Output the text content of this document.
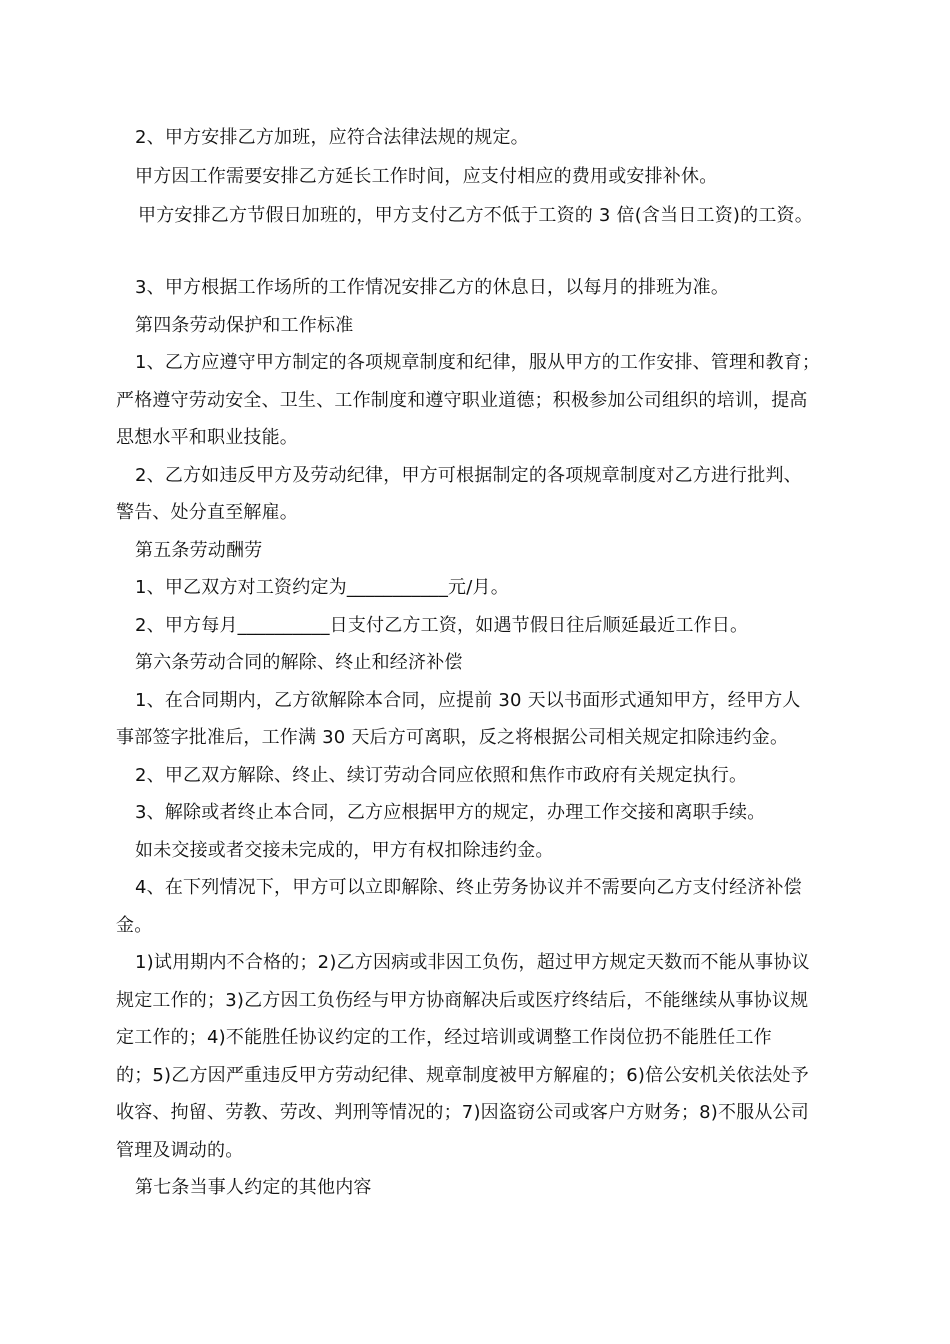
2、甲方安排乙方加班，应符合法律法规的规定。

甲方因工作需要安排乙方延长工作时间，应支付相应的费用或安排补休。

甲方安排乙方节假日加班的，甲方支付乙方不低于工资的 3 倍(含当日工资)的工资。

3、甲方根据工作场所的工作情况安排乙方的休息日，以每月的排班为准。

第四条劳动保护和工作标准

1、乙方应遵守甲方制定的各项规章制度和纪律，服从甲方的工作安排、管理和教育；

严格遵守劳动安全、卫生、工作制度和遵守职业道德；积极参加公司组织的培训，提高

思想水平和职业技能。

2、乙方如违反甲方及劳动纪律，甲方可根据制定的各项规章制度对乙方进行批判、

警告、处分直至解雇。

第五条劳动酬劳

1、甲乙双方对工资约定为___________元/月。

2、甲方每月__________日支付乙方工资，如遇节假日往后顺延最近工作日。

第六条劳动合同的解除、终止和经济补偿

1、在合同期内，乙方欲解除本合同，应提前 30 天以书面形式通知甲方，经甲方人

事部签字批准后，工作满 30 天后方可离职，反之将根据公司相关规定扣除违约金。

2、甲乙双方解除、终止、续订劳动合同应依照和焦作市政府有关规定执行。

3、解除或者终止本合同，乙方应根据甲方的规定，办理工作交接和离职手续。

如未交接或者交接未完成的，甲方有权扣除违约金。

4、在下列情况下，甲方可以立即解除、终止劳务协议并不需要向乙方支付经济补偿

金。

1)试用期内不合格的；2)乙方因病或非因工负伤，超过甲方规定天数而不能从事协议

规定工作的；3)乙方因工负伤经与甲方协商解决后或医疗终结后，不能继续从事协议规

定工作的；4)不能胜任协议约定的工作，经过培训或调整工作岗位扔不能胜任工作

的；5)乙方因严重违反甲方劳动纪律、规章制度被甲方解雇的；6)倍公安机关依法处予

收容、拘留、劳教、劳改、判刑等情况的；7)因盗窃公司或客户方财务；8)不服从公司

管理及调动的。

第七条当事人约定的其他内容
